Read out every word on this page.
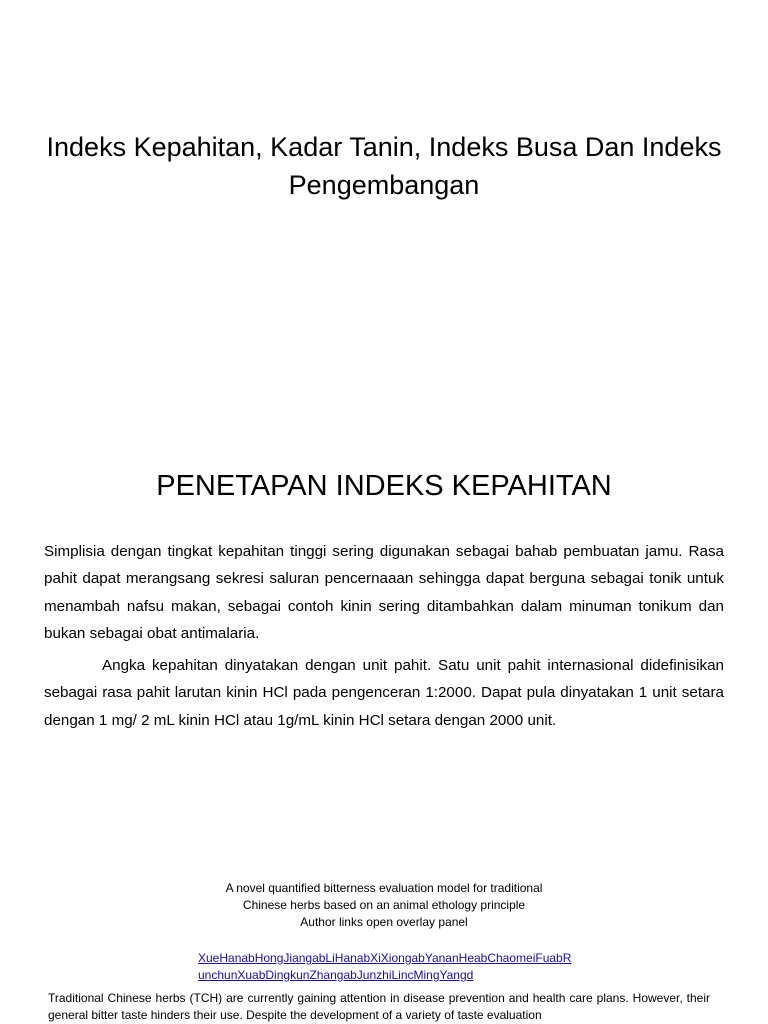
Indeks Kepahitan, Kadar Tanin, Indeks Busa Dan Indeks Pengembangan
PENETAPAN INDEKS KEPAHITAN

Simplisia dengan tingkat kepahitan tinggi sering digunakan sebagai bahab pembuatan jamu. Rasa pahit dapat merangsang sekresi saluran pencernaaan sehingga dapat berguna sebagai tonik untuk menambah nafsu makan, sebagai contoh kinin sering ditambahkan dalam minuman tonikum dan bukan sebagai obat antimalaria.

Angka kepahitan dinyatakan dengan unit pahit. Satu unit pahit internasional didefinisikan sebagai rasa pahit larutan kinin HCl pada pengenceran 1:2000. Dapat pula dinyatakan 1 unit setara dengan 1 mg/ 2 mL kinin HCl atau 1g/mL kinin HCl setara dengan 2000 unit.

A novel quantified bitterness evaluation model for traditional
Chinese herbs based on an animal ethology principle
Author links open overlay panel
XueHanabHongJiangabLiHanabXiXiongabYananHeabChaomeiFuabRunchunXuabDingkunZhangabJunzhiLincMingYangd

Traditional Chinese herbs (TCH) are currently gaining attention in disease prevention and health care plans. However, their general bitter taste hinders their use. Despite the development of a variety of taste evaluation
